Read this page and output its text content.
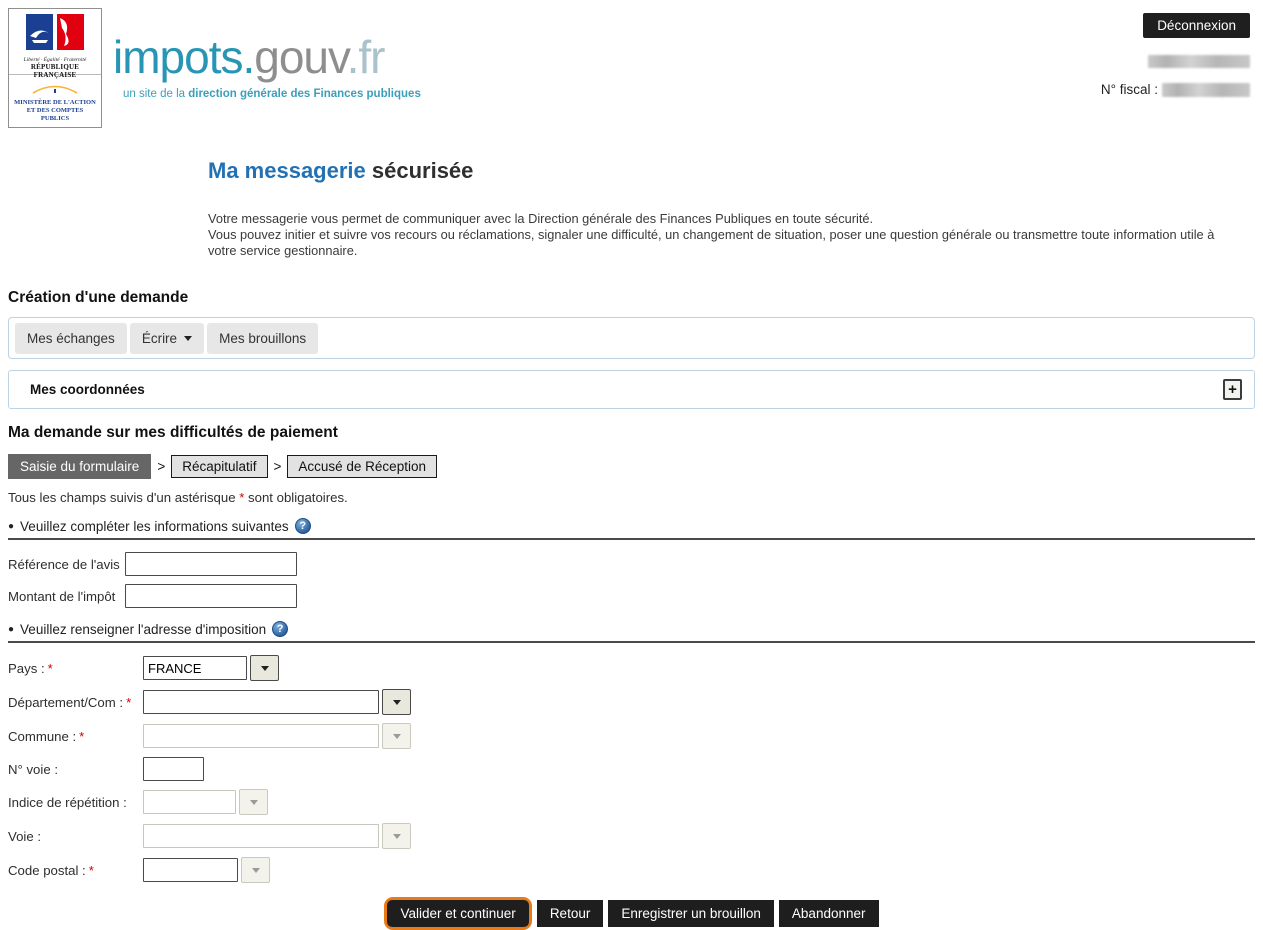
Liberté · Égalité · Fraternité
RÉPUBLIQUE FRANÇAISE
MINISTÈRE DE L'ACTION ET DES COMPTES PUBLICS
impots.gouv.fr
un site de la direction générale des Finances publiques
Déconnexion
N° fiscal :
Ma messagerie sécurisée
Votre messagerie vous permet de communiquer avec la Direction générale des Finances Publiques en toute sécurité.
Vous pouvez initier et suivre vos recours ou réclamations, signaler une difficulté, un changement de situation, poser une question générale ou transmettre toute information utile à votre service gestionnaire.
Création d'une demande
Mes échanges Écrire	Mes brouillons
Mes coordonnées	+
Ma demande sur mes difficultés de paiement
Saisie du formulaire	>	Récapitulatif	>	Accusé de Réception
Tous les champs suivis d'un astérisque * sont obligatoires.
● Veuillez compléter les informations suivantes ?
Référence de l'avis
Montant de l'impôt
● Veuillez renseigner l'adresse d'imposition ?
Pays : *
FRANCE
Département/Com : *
Commune : *
N° voie :
Indice de répétition :
Voie :
Code postal : *
Valider et continuer	Retour	Enregistrer un brouillon	Abandonner
